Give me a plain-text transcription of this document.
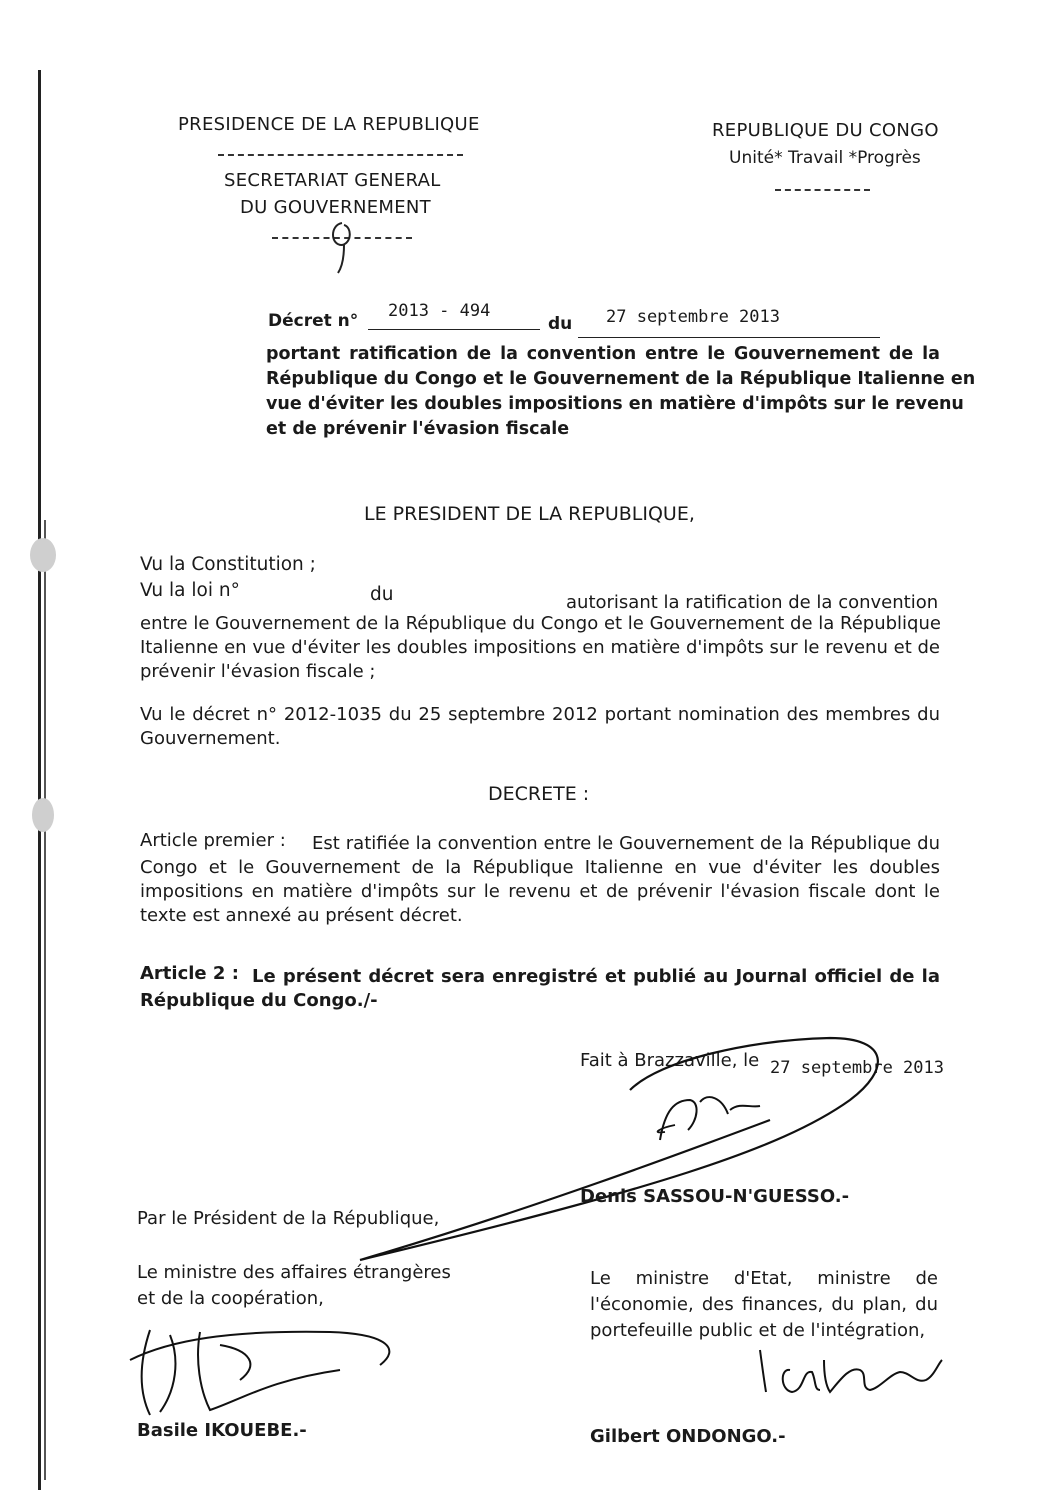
PRESIDENCE DE LA REPUBLIQUE
SECRETARIAT GENERAL
DU GOUVERNEMENT
REPUBLIQUE DU CONGO
Unité* Travail *Progrès
Décret n° 2013 - 494
du 27 septembre 2013
portant ratification de la convention entre le Gouvernement de la
République du Congo et le Gouvernement de la République Italienne en
vue d'éviter les doubles impositions en matière d'impôts sur le revenu
et de prévenir l'évasion fiscale
LE PRESIDENT DE LA REPUBLIQUE,
Vu la Constitution ;
Vu la loi n°	du	autorisant la ratification de la convention
entre le Gouvernement de la République du Congo et le Gouvernement de la République
Italienne en vue d'éviter les doubles impositions en matière d'impôts sur le revenu et de
prévenir l'évasion fiscale ;
Vu le décret n° 2012-1035 du 25 septembre 2012 portant nomination des membres du
Gouvernement.
DECRETE :
Article premier :	Est ratifiée la convention entre le Gouvernement de la République du
Congo et le Gouvernement de la République Italienne en vue d'éviter les doubles
impositions en matière d'impôts sur le revenu et de prévenir l'évasion fiscale dont le
texte est annexé au présent décret.
Article 2 : Le présent décret sera enregistré et publié au Journal officiel de la
République du Congo./-
Fait à Brazzaville, le 27 septembre 2013
Denis SASSOU-N'GUESSO.-
Par le Président de la République,
Le ministre des affaires étrangères
et de la coopération,
Basile IKOUEBE.-
Le ministre d'Etat, ministre de
l'économie, des finances, du plan, du
portefeuille public et de l'intégration,
Gilbert ONDONGO.-
